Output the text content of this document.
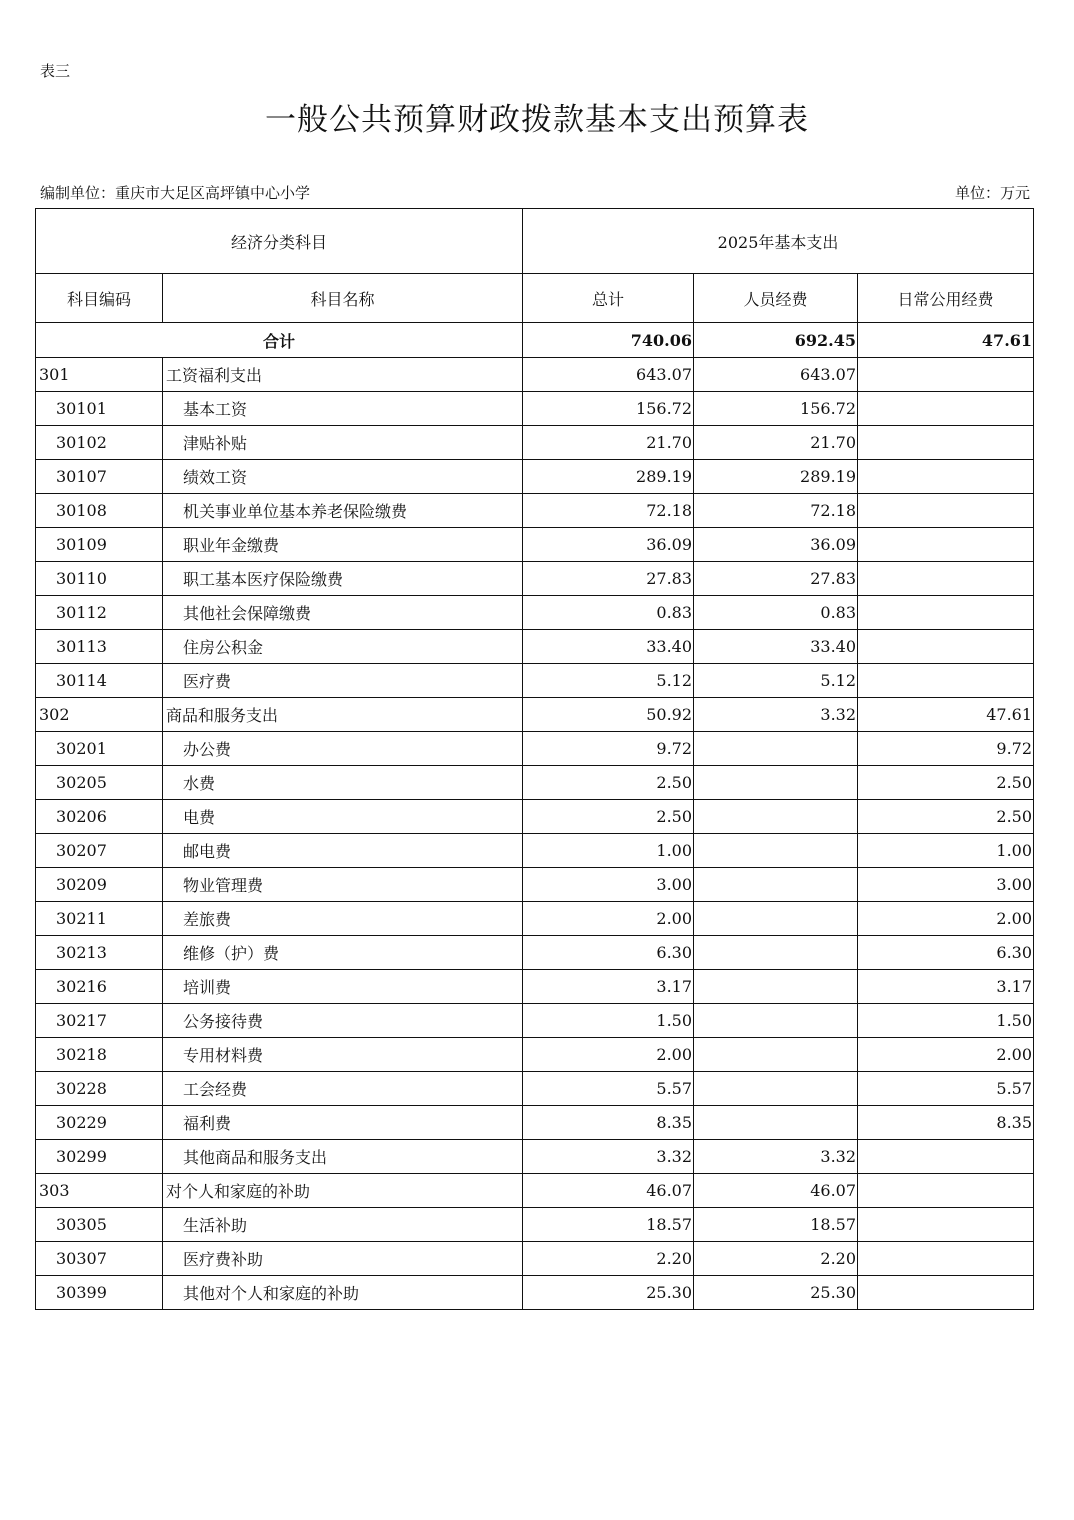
表三
一般公共预算财政拨款基本支出预算表
编制单位：重庆市大足区高坪镇中心小学	单位：万元
经济分类科目		2025年基本支出		
科目编码	科目名称	总计	人员经费	日常公用经费
合计		740.06	692.45	47.61
301	工资福利支出	643.07	643.07	
30101	基本工资	156.72	156.72	
30102	津贴补贴	21.70	21.70	
30107	绩效工资	289.19	289.19	
30108	机关事业单位基本养老保险缴费	72.18	72.18	
30109	职业年金缴费	36.09	36.09	
30110	职工基本医疗保险缴费	27.83	27.83	
30112	其他社会保障缴费	0.83	0.83	
30113	住房公积金	33.40	33.40	
30114	医疗费	5.12	5.12	
302	商品和服务支出	50.92	3.32	47.61
30201	办公费	9.72		9.72
30205	水费	2.50		2.50
30206	电费	2.50		2.50
30207	邮电费	1.00		1.00
30209	物业管理费	3.00		3.00
30211	差旅费	2.00		2.00
30213	维修（护）费	6.30		6.30
30216	培训费	3.17		3.17
30217	公务接待费	1.50		1.50
30218	专用材料费	2.00		2.00
30228	工会经费	5.57		5.57
30229	福利费	8.35		8.35
30299	其他商品和服务支出	3.32	3.32	
303	对个人和家庭的补助	46.07	46.07	
30305	生活补助	18.57	18.57	
30307	医疗费补助	2.20	2.20	
30399	其他对个人和家庭的补助	25.30	25.30	
